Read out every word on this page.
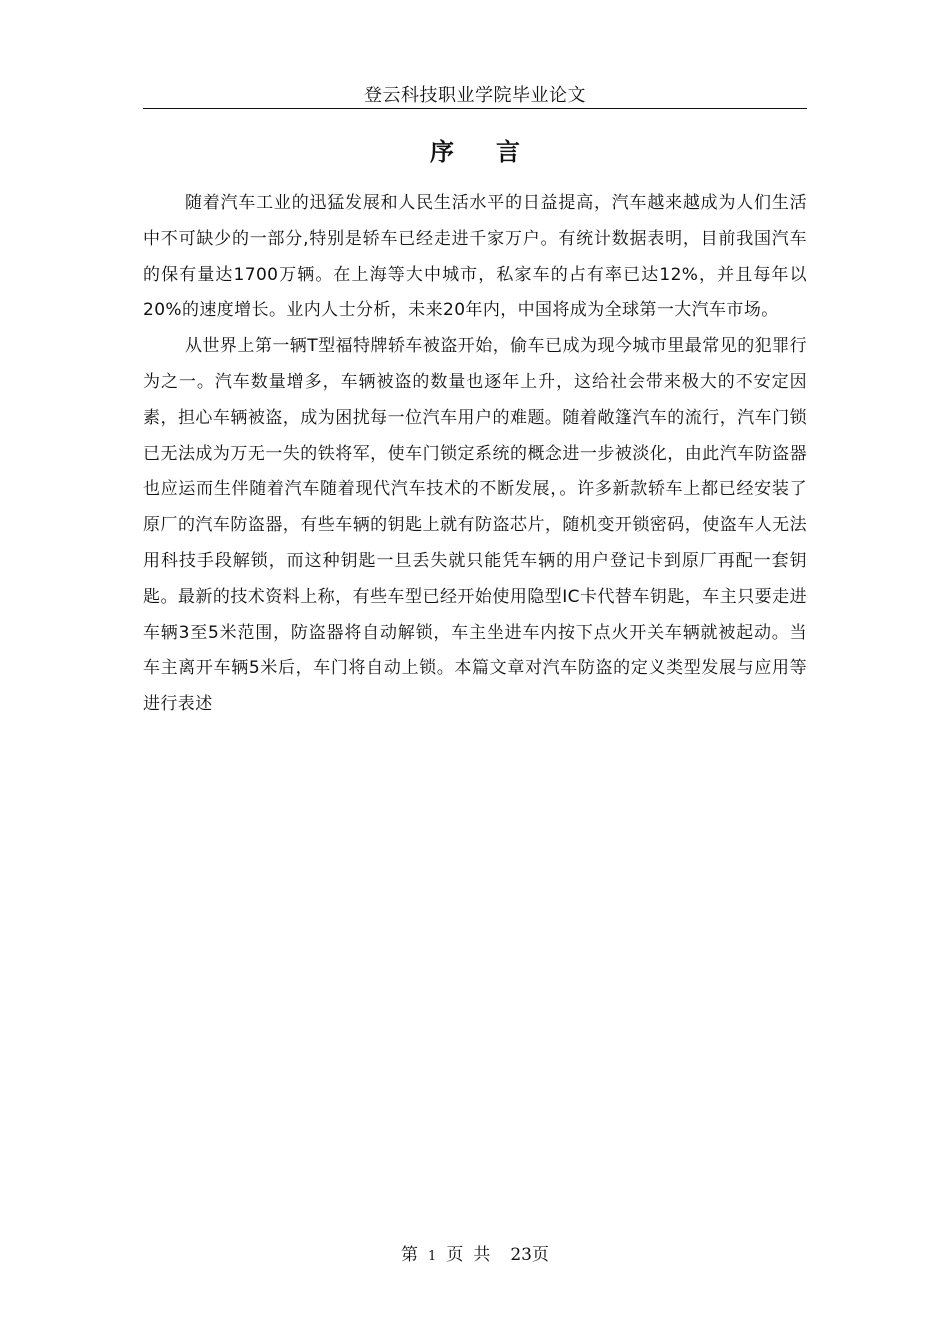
登云科技职业学院毕业论文
序 言

随着汽车工业的迅猛发展和人民生活水平的日益提高，汽车越来越成为人们生活中不可缺少的一部分,特别是轿车已经走进千家万户。有统计数据表明，目前我国汽车的保有量达1700万辆。在上海等大中城市，私家车的占有率已达12%，并且每年以20%的速度增长。业内人士分析，未来20年内，中国将成为全球第一大汽车市场。

从世界上第一辆T型福特牌轿车被盗开始，偷车已成为现今城市里最常见的犯罪行为之一。汽车数量增多，车辆被盗的数量也逐年上升，这给社会带来极大的不安定因素，担心车辆被盗，成为困扰每一位汽车用户的难题。随着敞篷汽车的流行，汽车门锁已无法成为万无一失的铁将军，使车门锁定系统的概念进一步被淡化，由此汽车防盗器也应运而生伴随着汽车随着现代汽车技术的不断发展，。许多新款轿车上都已经安装了原厂的汽车防盗器，有些车辆的钥匙上就有防盗芯片，随机变开锁密码，使盗车人无法用科技手段解锁，而这种钥匙一旦丢失就只能凭车辆的用户登记卡到原厂再配一套钥匙。最新的技术资料上称，有些车型已经开始使用隐型IC卡代替车钥匙，车主只要走进车辆3至5米范围，防盗器将自动解锁，车主坐进车内按下点火开关车辆就被起动。当车主离开车辆5米后，车门将自动上锁。本篇文章对汽车防盗的定义类型发展与应用等进行表述

第 1 页 共 23页
